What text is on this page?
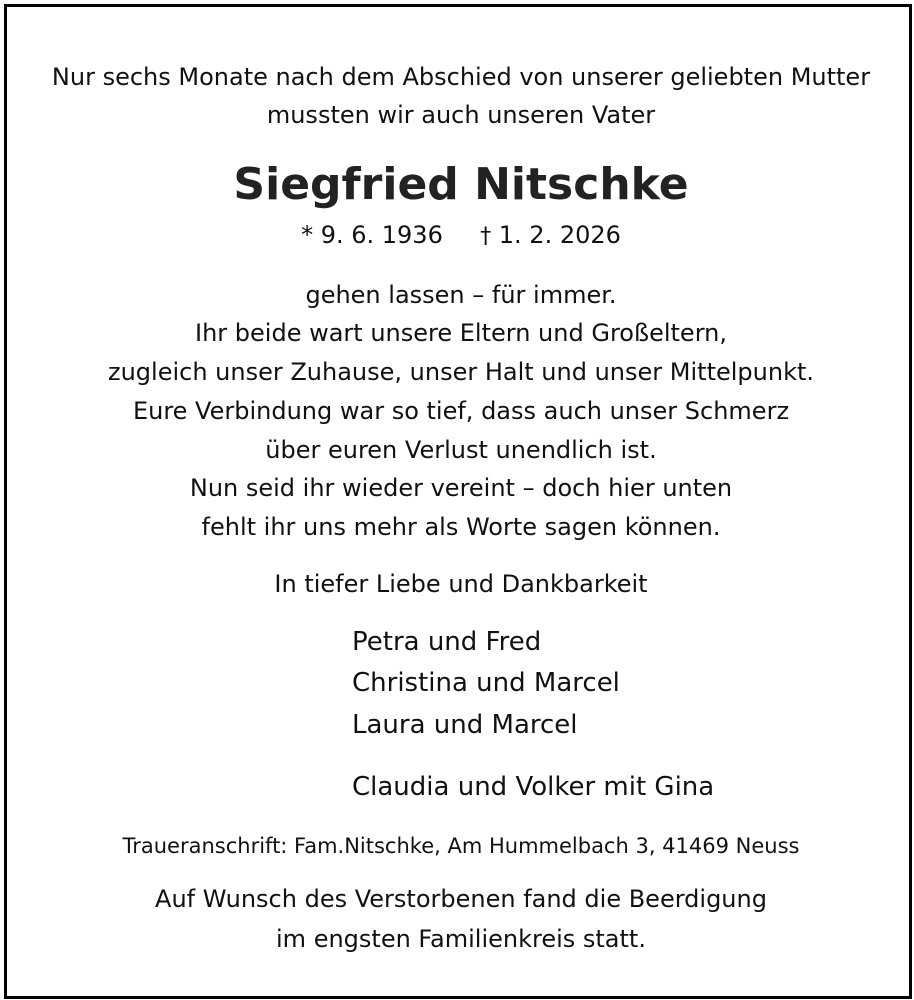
Nur sechs Monate nach dem Abschied von unserer geliebten Mutter
mussten wir auch unseren Vater
Siegfried Nitschke
* 9. 6. 1936 † 1. 2. 2026
gehen lassen – für immer.
Ihr beide wart unsere Eltern und Großeltern,
zugleich unser Zuhause, unser Halt und unser Mittelpunkt.
Eure Verbindung war so tief, dass auch unser Schmerz
über euren Verlust unendlich ist.
Nun seid ihr wieder vereint – doch hier unten
fehlt ihr uns mehr als Worte sagen können.
In tiefer Liebe und Dankbarkeit
Petra und Fred
Christina und Marcel
Laura und Marcel
Claudia und Volker mit Gina
Traueranschrift: Fam.Nitschke, Am Hummelbach 3, 41469 Neuss
Auf Wunsch des Verstorbenen fand die Beerdigung
im engsten Familienkreis statt.
